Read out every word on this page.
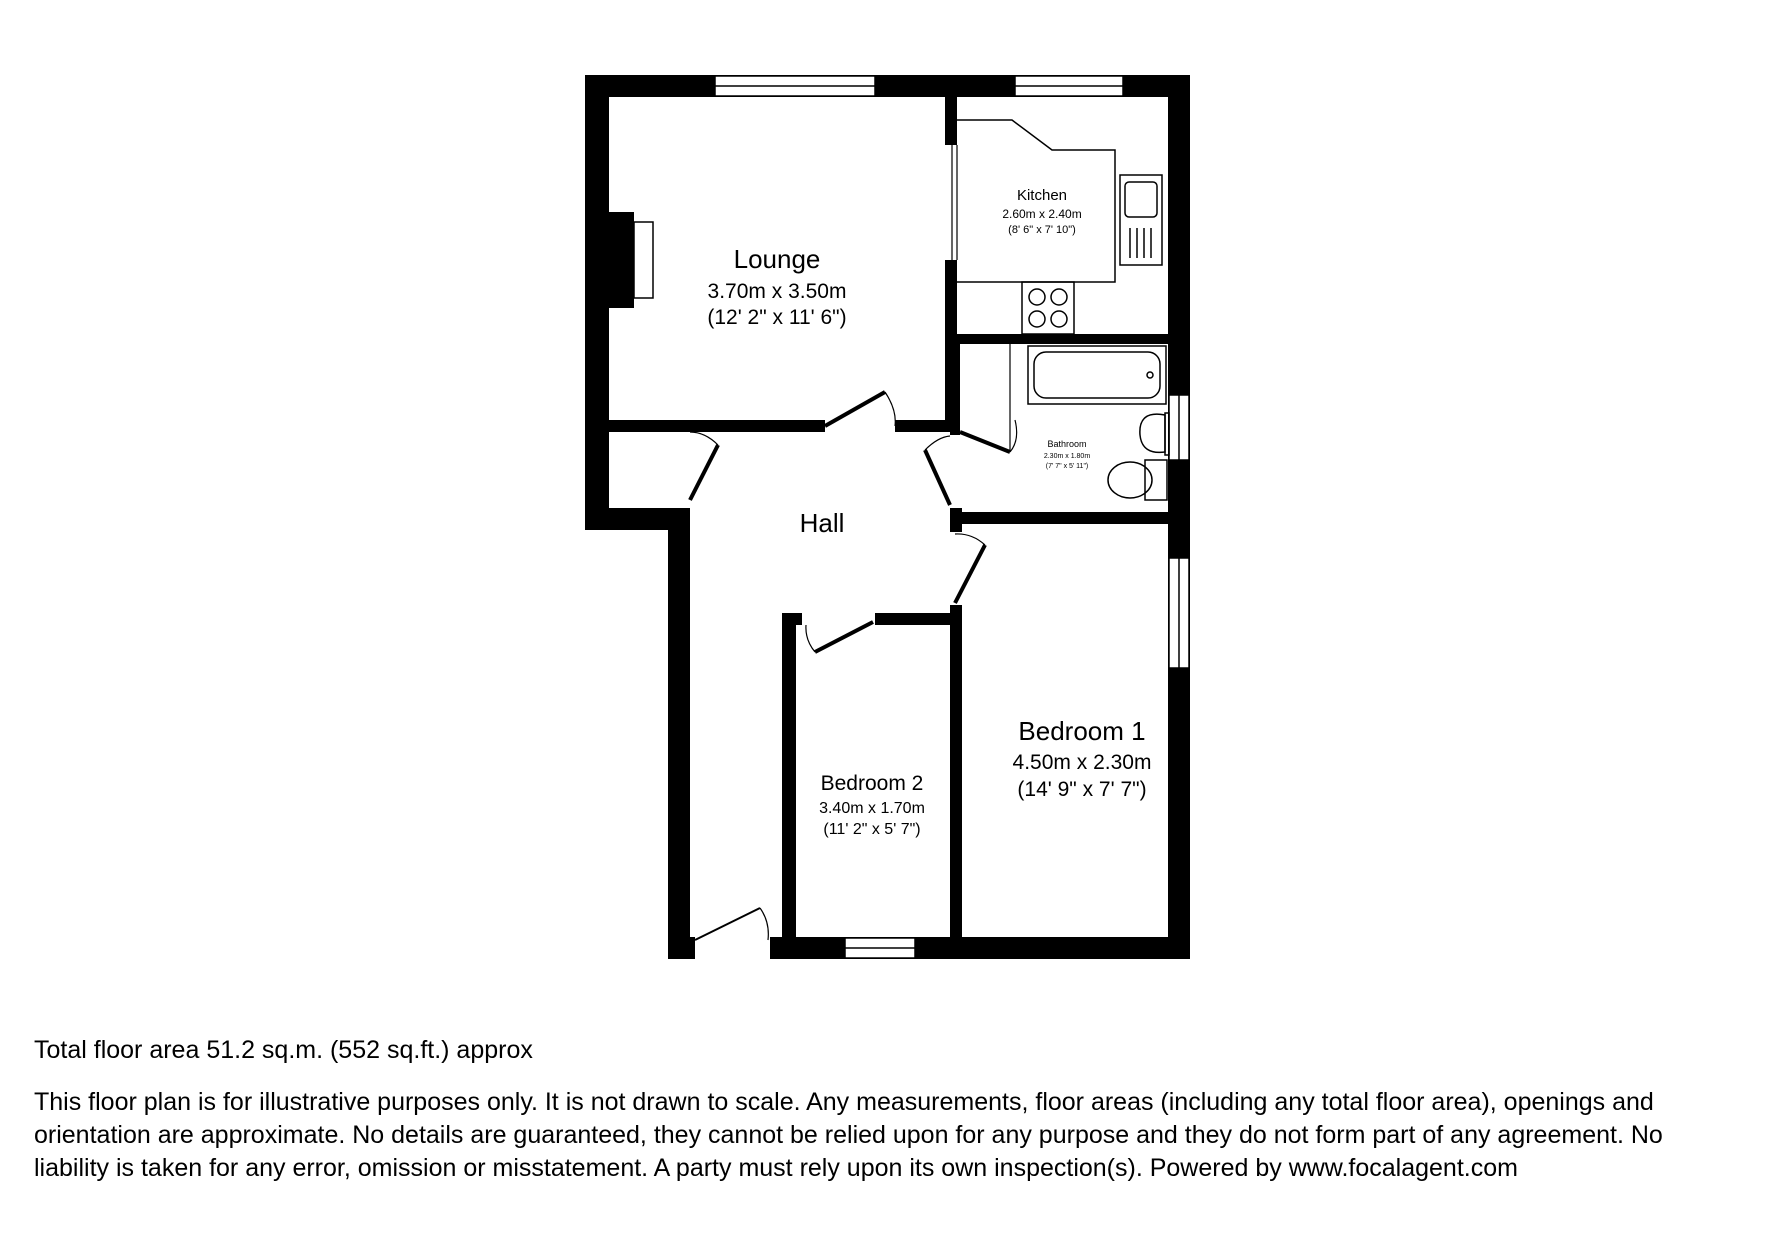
Lounge
3.70m x 3.50m
(12' 2" x 11' 6")
Kitchen
2.60m x 2.40m
(8' 6" x 7' 10")
Bathroom
2.30m x 1.80m
(7' 7" x 5' 11")
Hall
Bedroom 1
4.50m x 2.30m
(14' 9" x 7' 7")
Bedroom 2
3.40m x 1.70m
(11' 2" x 5' 7")
Total floor area 51.2 sq.m. (552 sq.ft.) approx
This floor plan is for illustrative purposes only. It is not drawn to scale. Any measurements, floor areas (including any total floor area), openings and orientation are approximate. No details are guaranteed, they cannot be relied upon for any purpose and they do not form part of any agreement. No liability is taken for any error, omission or misstatement. A party must rely upon its own inspection(s). Powered by www.focalagent.com
